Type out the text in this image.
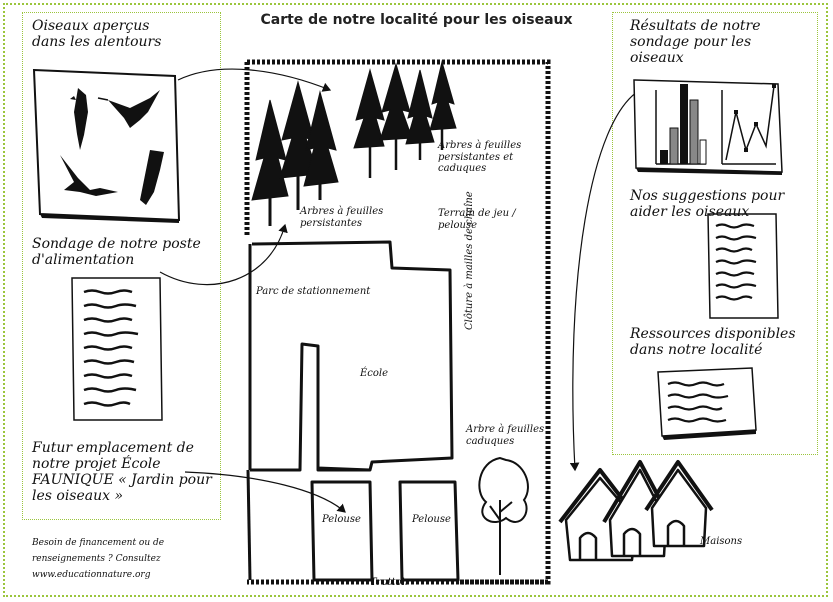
Carte de notre localité pour les oiseaux
Oiseaux aperçus dans les alentours
Sondage de notre poste d'alimentation
Futur emplacement de notre projet École FAUNIQUE « Jardin pour les oiseaux »
Résultats de notre sondage pour les oiseaux
Nos suggestions pour aider les oiseaux
Ressources disponibles dans notre localité
Arbres à feuilles persistantes et caduques
Arbres à feuilles persistantes
Terrain de jeu / pelouse
Parc de stationnement
École
Clôture à mailles de chaîne
Arbre à feuilles caduques
Pelouse	Pelouse
Trottoir
Maisons
Besoin de financement ou de
renseignements ? Consultez
www.educationnature.org
